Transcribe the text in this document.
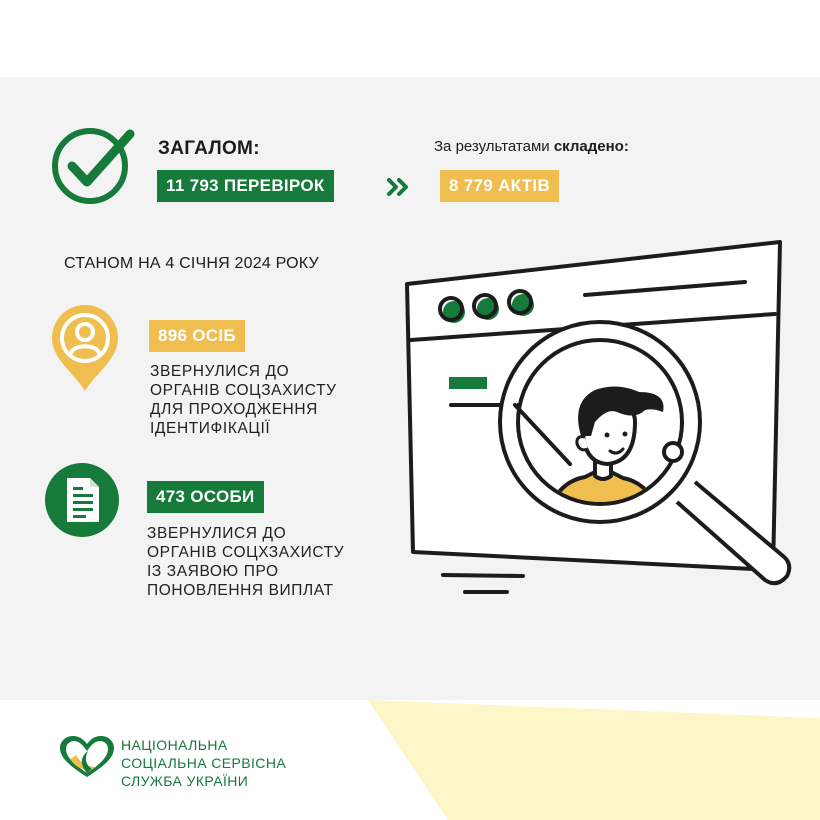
ЗАГАЛОМ:
11 793 ПЕРЕВІРОК
За результатами складено:
8 779 АКТІВ
СТАНОМ НА 4 СІЧНЯ 2024 РОКУ
896 ОСІБ
ЗВЕРНУЛИСЯ ДО
ОРГАНІВ СОЦЗАХИСТУ
ДЛЯ ПРОХОДЖЕННЯ
ІДЕНТИФІКАЦІЇ
473 ОСОБИ
ЗВЕРНУЛИСЯ ДО
ОРГАНІВ СОЦХЗАХИСТУ
ІЗ ЗАЯВОЮ ПРО
ПОНОВЛЕННЯ ВИПЛАТ
НАЦІОНАЛЬНА
СОЦІАЛЬНА СЕРВІСНА
СЛУЖБА УКРАЇНИ
